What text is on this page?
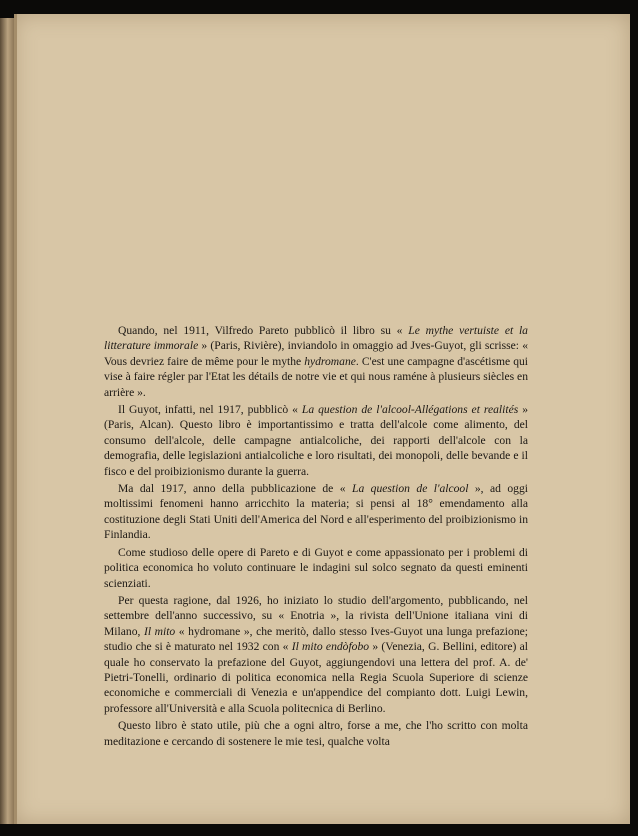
Quando, nel 1911, Vilfredo Pareto pubblicò il libro su « Le mythe vertuiste et la litterature immorale » (Paris, Rivière), inviandolo in omaggio ad Jves-Guyot, gli scrisse: « Vous devriez faire de même pour le mythe hydromane. C'est une campagne d'ascétisme qui vise à faire régler par l'Etat les détails de notre vie et qui nous raméne à plusieurs siècles en arrière ».

Il Guyot, infatti, nel 1917, pubblicò « La question de l'alcool-Allégations et realités » (Paris, Alcan). Questo libro è importantissimo e tratta dell'alcole come alimento, del consumo dell'alcole, delle campagne antialcoliche, dei rapporti dell'alcole con la demografia, delle legislazioni antialcoliche e loro risultati, dei monopoli, delle bevande e il fisco e del proibizionismo durante la guerra.

Ma dal 1917, anno della pubblicazione de « La question de l'alcool », ad oggi moltissimi fenomeni hanno arricchito la materia; si pensi al 18° emendamento alla costituzione degli Stati Uniti dell'America del Nord e all'esperimento del proibizionismo in Finlandia.

Come studioso delle opere di Pareto e di Guyot e come appassionato per i problemi di politica economica ho voluto continuare le indagini sul solco segnato da questi eminenti scienziati.

Per questa ragione, dal 1926, ho iniziato lo studio dell'argomento, pubblicando, nel settembre dell'anno successivo, su « Enotria », la rivista dell'Unione italiana vini di Milano, Il mito « hydromane », che meritò, dallo stesso Ives-Guyot una lunga prefazione; studio che si è maturato nel 1932 con « Il mito endòfobo » (Venezia, G. Bellini, editore) al quale ho conservato la prefazione del Guyot, aggiungendovi una lettera del prof. A. de' Pietri-Tonelli, ordinario di politica economica nella Regia Scuola Superiore di scienze economiche e commerciali di Venezia e un'appendice del compianto dott. Luigi Lewin, professore all'Università e alla Scuola politecnica di Berlino.

Questo libro è stato utile, più che a ogni altro, forse a me, che l'ho scritto con molta meditazione e cercando di sostenere le mie tesi, qualche volta
